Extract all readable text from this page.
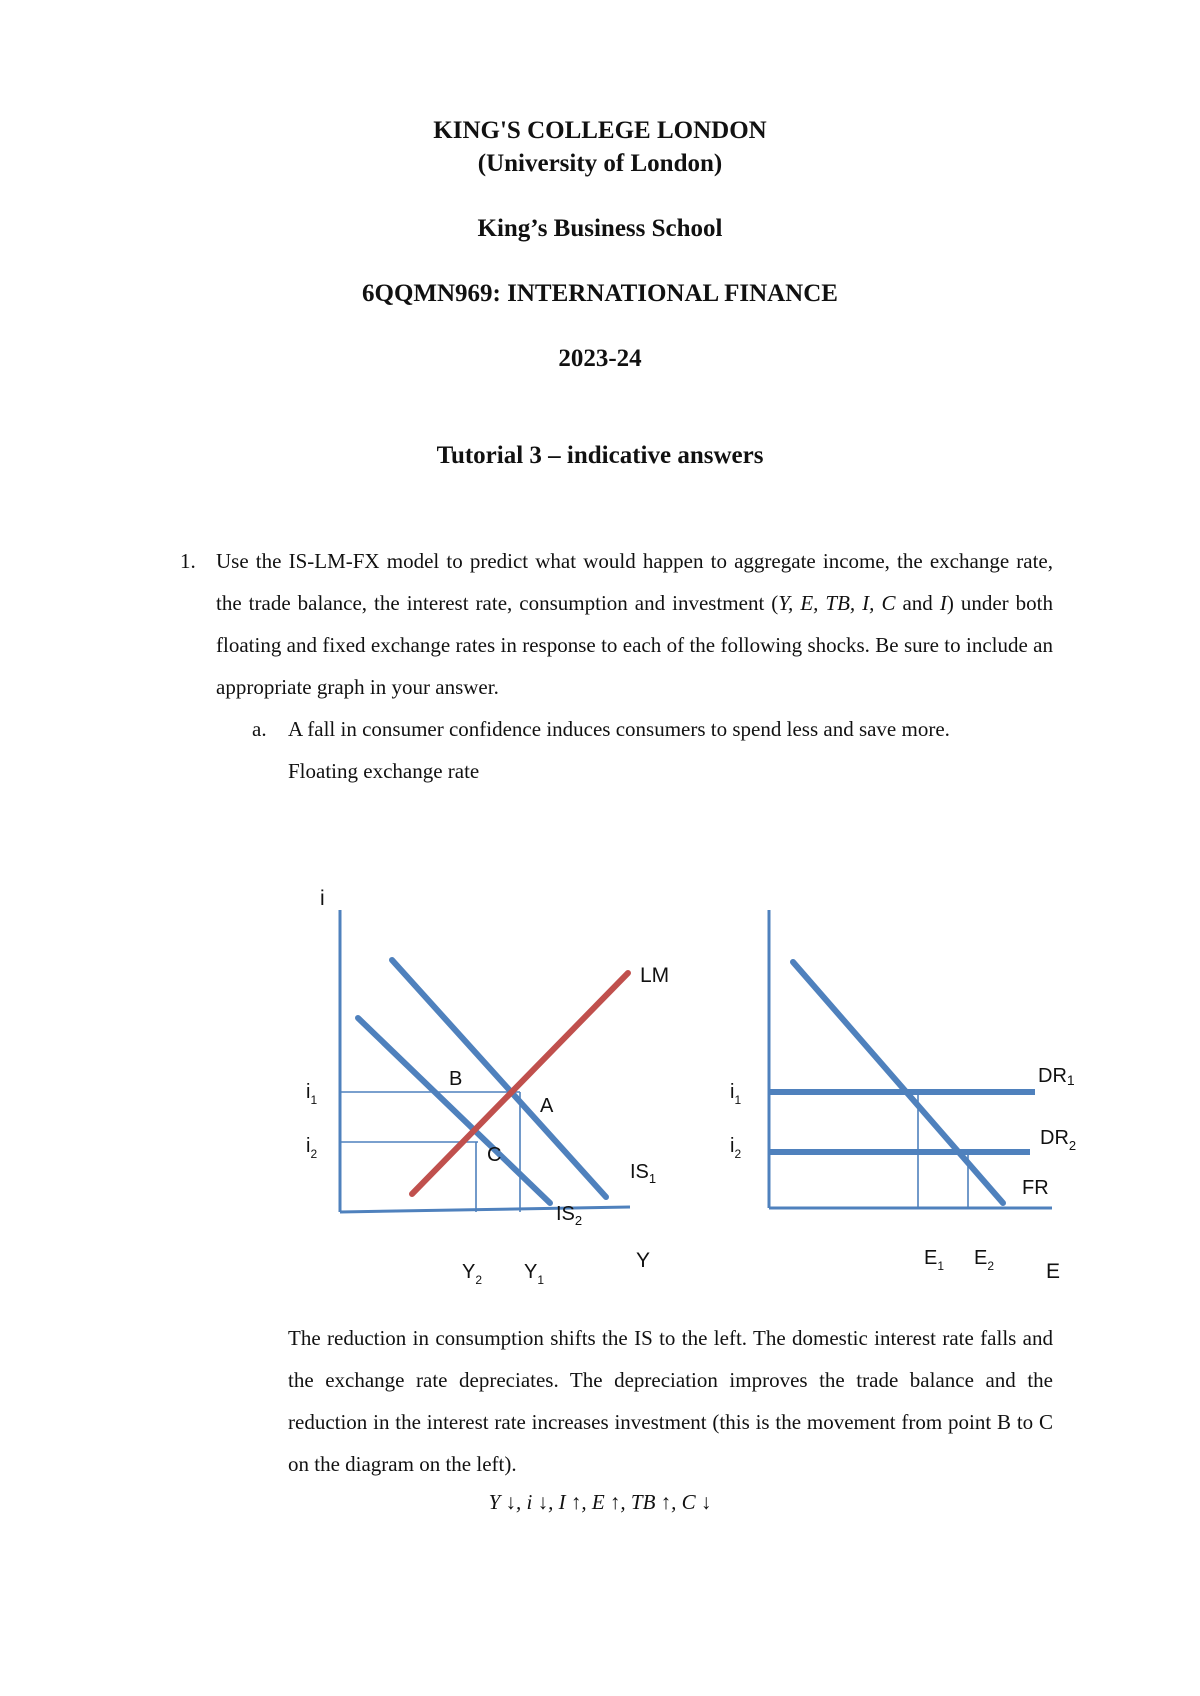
KING'S COLLEGE LONDON
(University of London)
King’s Business School
6QQMN969: INTERNATIONAL FINANCE
2023-24
Tutorial 3 – indicative answers
1. Use the IS-LM-FX model to predict what would happen to aggregate income, the exchange rate, the trade balance, the interest rate, consumption and investment (Y, E, TB, I, C and I) under both floating and fixed exchange rates in response to each of the following shocks. Be sure to include an appropriate graph in your answer.
a. A fall in consumer confidence induces consumers to spend less and save more.
Floating exchange rate
i
LM
B
A
C
$IS_1$
$IS_2$
$i_1$
$i_2$
$Y_2$ $Y_1$
Y
DR1
$DR_2$
FR
$i_1$
$i_2$
$E_1$ $E_2$ E
The reduction in consumption shifts the IS to the left. The domestic interest rate falls and the exchange rate depreciates. The depreciation improves the trade balance and the reduction in the interest rate increases investment (this is the movement from point B to C on the diagram on the left).
Y ↓, i ↓, I ↑, E ↑, TB ↑, C ↓
